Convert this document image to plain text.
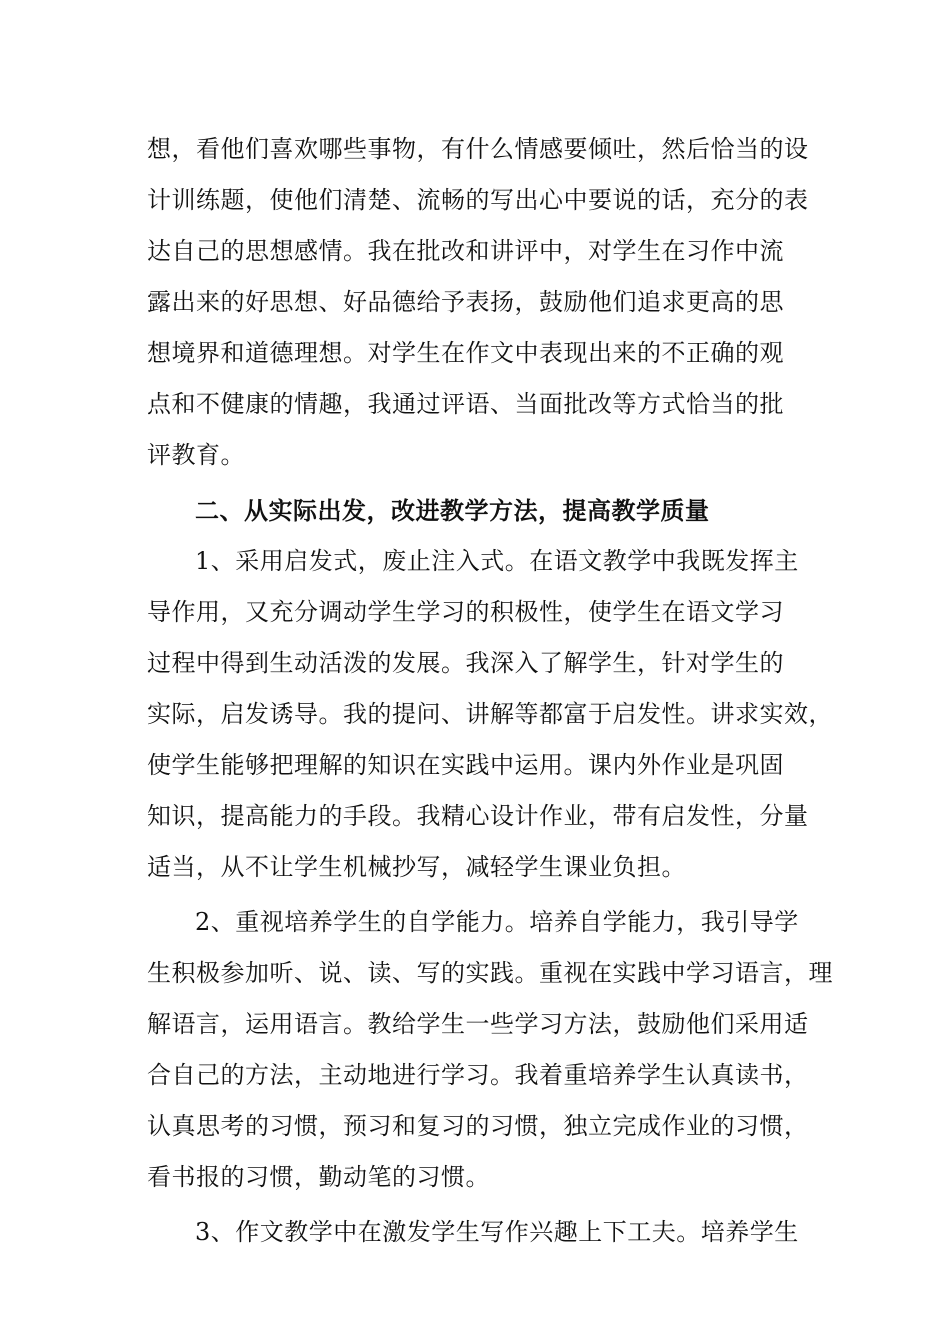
想，看他们喜欢哪些事物，有什么情感要倾吐，然后恰当的设
计训练题，使他们清楚、流畅的写出心中要说的话，充分的表
达自己的思想感情。我在批改和讲评中，对学生在习作中流
露出来的好思想、好品德给予表扬，鼓励他们追求更高的思
想境界和道德理想。对学生在作文中表现出来的不正确的观
点和不健康的情趣，我通过评语、当面批改等方式恰当的批
评教育。
二、从实际出发，改进教学方法，提高教学质量
1、采用启发式，废止注入式。在语文教学中我既发挥主
导作用，又充分调动学生学习的积极性，使学生在语文学习
过程中得到生动活泼的发展。我深入了解学生，针对学生的
实际，启发诱导。我的提问、讲解等都富于启发性。讲求实效，
使学生能够把理解的知识在实践中运用。课内外作业是巩固
知识，提高能力的手段。我精心设计作业，带有启发性，分量
适当，从不让学生机械抄写，减轻学生课业负担。
2、重视培养学生的自学能力。培养自学能力，我引导学
生积极参加听、说、读、写的实践。重视在实践中学习语言，理
解语言，运用语言。教给学生一些学习方法，鼓励他们采用适
合自己的方法，主动地进行学习。我着重培养学生认真读书，
认真思考的习惯，预习和复习的习惯，独立完成作业的习惯，
看书报的习惯，勤动笔的习惯。
3、作文教学中在激发学生写作兴趣上下工夫。培养学生
